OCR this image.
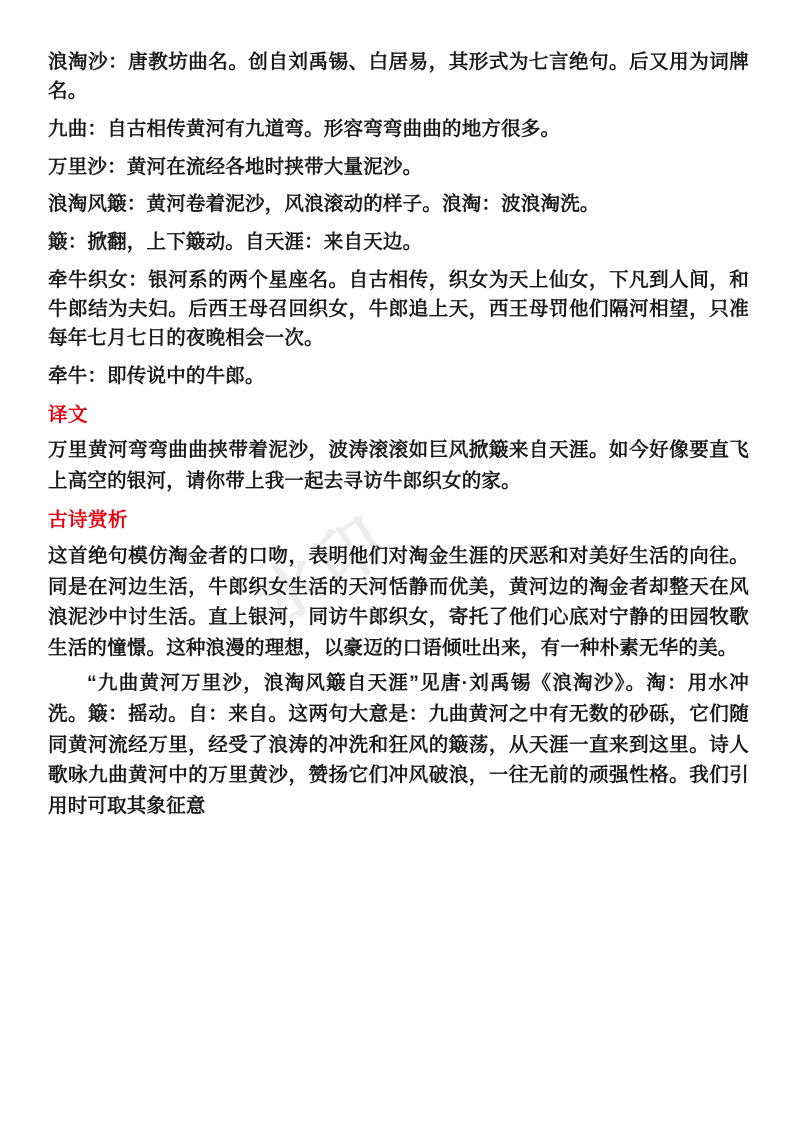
水印

浪淘沙：唐教坊曲名。创自刘禹锡、白居易，其形式为七言绝句。后又用为词牌名。

九曲：自古相传黄河有九道弯。形容弯弯曲曲的地方很多。

万里沙：黄河在流经各地时挟带大量泥沙。

浪淘风簸：黄河卷着泥沙，风浪滚动的样子。浪淘：波浪淘洗。

簸：掀翻，上下簸动。自天涯：来自天边。

牵牛织女：银河系的两个星座名。自古相传，织女为天上仙女，下凡到人间，和牛郎结为夫妇。后西王母召回织女，牛郎追上天，西王母罚他们隔河相望，只准每年七月七日的夜晚相会一次。

牵牛：即传说中的牛郎。

译文

万里黄河弯弯曲曲挟带着泥沙，波涛滚滚如巨风掀簸来自天涯。如今好像要直飞上高空的银河，请你带上我一起去寻访牛郎织女的家。

古诗赏析

这首绝句模仿淘金者的口吻，表明他们对淘金生涯的厌恶和对美好生活的向往。同是在河边生活，牛郎织女生活的天河恬静而优美，黄河边的淘金者却整天在风浪泥沙中讨生活。直上银河，同访牛郎织女，寄托了他们心底对宁静的田园牧歌生活的憧憬。这种浪漫的理想，以豪迈的口语倾吐出来，有一种朴素无华的美。

“九曲黄河万里沙，浪淘风簸自天涯”见唐·刘禹锡《浪淘沙》。淘：用水冲洗。簸：摇动。自：来自。这两句大意是：九曲黄河之中有无数的砂砾，它们随同黄河流经万里，经受了浪涛的冲洗和狂风的簸荡，从天涯一直来到这里。诗人歌咏九曲黄河中的万里黄沙，赞扬它们冲风破浪，一往无前的顽强性格。我们引用时可取其象征意
